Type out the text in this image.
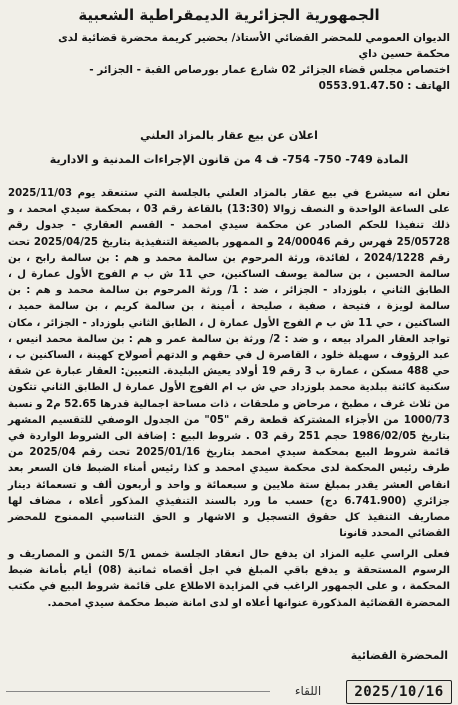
الجمهورية الجزائرية الديمقراطية الشعبية
الديوان العمومي للمحضر القضائي الأستاذ/ بحضير كريمة محضرة قضائية لدى
محكمة حسين داي
اختصاص مجلس قضاء الجزائر 02 شارع عمار بورصاص القبة - الجزائر -
الهاتف : 0553.91.47.50
اعلان عن بيع عقار بالمزاد العلني
المادة 749- 750- 754- ف 4 من قانون الإجراءات المدنية و الادارية
نعلن انه سيشرع في بيع عقار بالمزاد العلني بالجلسة التي ستنعقد يوم 2025/11/03 على الساعة الواحدة و النصف زوالا (13:30) بالقاعة رقم 03 ، بمحكمة سيدي امحمد ، و ذلك تنفيذا للحكم الصادر عن محكمة سيدي امحمد - القسم العقاري - جدول رقم 25/05728 فهرس رقم 24/00046 و الممهور بالصيغة التنفيذية بتاريخ 2025/04/25 تحت رقم 2024/1228 ، لفائدة، ورثة المرحوم بن سالمة محمد و هم : بن سالمة رابح ، بن سالمة الحسين ، بن سالمة يوسف الساكنين، حي 11 ش ب م الفوج الأول عمارة ل ، الطابق الثاني ، بلوزداد - الجزائر ، ضد : 1/ ورثة المرحوم بن سالمة محمد و هم : بن سالمة لويزة ، فتيحة ، صفية ، صليحة ، أمينة ، بن سالمة كريم ، بن سالمة حميد ، الساكنين ، حي 11 ش ب م الفوج الأول عمارة ل ، الطابق الثاني بلوزداد - الجزائر ، مكان تواجد العقار المراد بيعه ، و ضد : 2/ ورثة بن سالمة عمر و هم : بن سالمة محمد انيس ، عبد الرؤوف ، سهيلة خلود ، القاصرة ل في حقهم و الدتهم أصولاح كهينة ، الساكنين ب ، حي 488 مسكن ، عمارة ب 3 رقم 19 أولاد يعيش البليدة. التعيين: العقار عبارة عن شقة سكنية كائنة ببلدية محمد بلوزداد حي ش ب ام الفوج الأول عمارة ل الطابق الثاني تتكون من ثلاث غرف ، مطبخ ، مرحاض و ملحقات ، ذات مساحة اجمالية قدرها 52.65 م2 و نسبة 1000/73 من الأجزاء المشتركة قطعة رقم "05" من الجدول الوصفي للتقسيم المشهر بتاريخ 1986/02/05 حجم 251 رقم 03 . شروط البيع : إضافة الى الشروط الواردة في قائمة شروط البيع بمحكمة سيدي امحمد بتاريخ 2025/01/16 تحت رقم 2025/04 من طرف رئيس المحكمة لدى محكمة سيدي امحمد و كذا رئيس أمناء الضبط فان السعر بعد انقاص العشر يقدر بمبلغ ستة ملايين و سبعمائة و واحد و أربعون ألف و تسعمائة دينار جزائري (6.741.900 دج) حسب ما ورد بالسند التنفيذي المذكور أعلاه ، مضاف لها مصاريف التنفيذ كل حقوق التسجيل و الاشهار و الحق التناسبي الممنوح للمحضر القضائي المحدد قانونا
فعلى الراسي عليه المزاد ان يدفع حال انعقاد الجلسة خمس 5/1 الثمن و المصاريف و الرسوم المستحقة و يدفع باقي المبلغ في اجل أقصاه ثمانية (08) أيام بأمانة ضبط المحكمة ، و على الجمهور الراغب في المزايدة الاطلاع على قائمة شروط البيع في مكتب المحضرة القضائية المذكورة عنوانها أعلاه او لدى امانة ضبط محكمة سيدي امحمد.
المحضرة القضائية
اللقاء	2025/10/16
